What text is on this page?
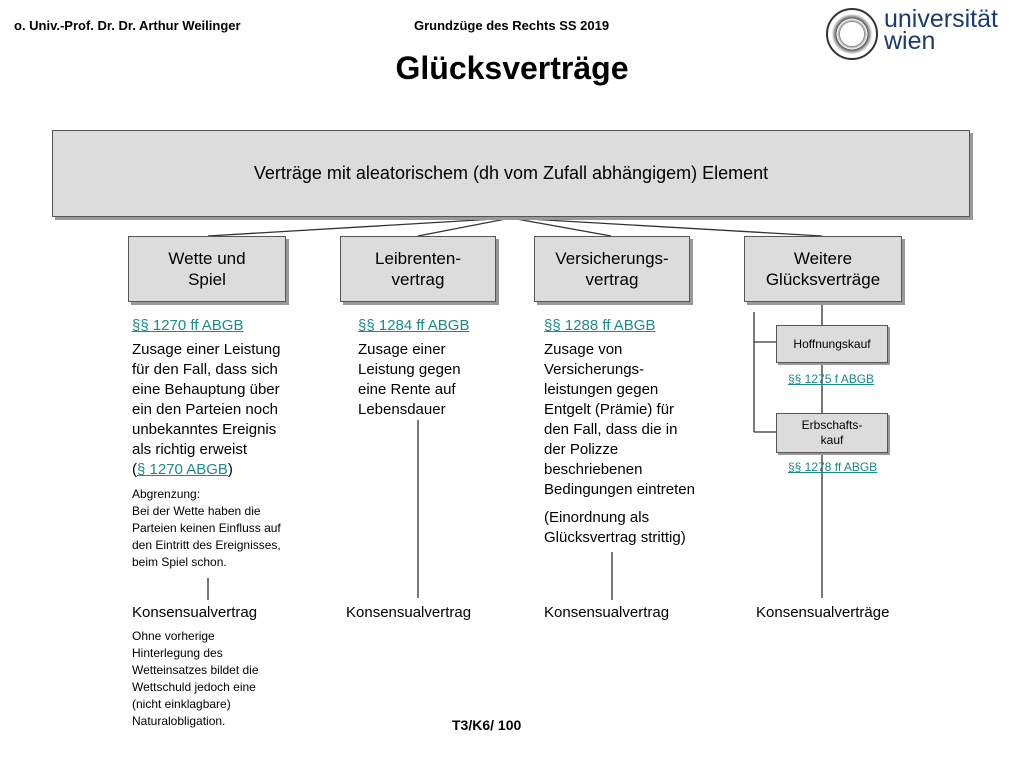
o. Univ.-Prof. Dr. Dr. Arthur Weilinger	Grundzüge des Rechts SS 2019	universität
wien
Glücksverträge
Verträge mit aleatorischem (dh vom Zufall abhängigem) Element
Wette und
Spiel
Leibrenten-
vertrag
Versicherungs-
vertrag
Weitere
Glücksverträge
§§ 1270 ff ABGB
Zusage einer Leistung
für den Fall, dass sich
eine Behauptung über
ein den Parteien noch
unbekanntes Ereignis
als richtig erweist
(§ 1270 ABGB)
Abgrenzung:
Bei der Wette haben die
Parteien keinen Einfluss auf
den Eintritt des Ereignisses,
beim Spiel schon.
Konsensualvertrag
Ohne vorherige
Hinterlegung des
Wetteinsatzes bildet die
Wettschuld jedoch eine
(nicht einklagbare)
Naturalobligation.
§§ 1284 ff ABGB
Zusage einer
Leistung gegen
eine Rente auf
Lebensdauer
Konsensualvertrag
§§ 1288 ff ABGB
Zusage von
Versicherungs-
leistungen gegen
Entgelt (Prämie) für
den Fall, dass die in
der Polizze
beschriebenen
Bedingungen eintreten
(Einordnung als
Glücksvertrag strittig)
Konsensualvertrag
Hoffnungskauf
§§ 1275 f ABGB
Erbschafts-
kauf
§§ 1278 ff ABGB
Konsensualverträge
T3/K6/ 100
